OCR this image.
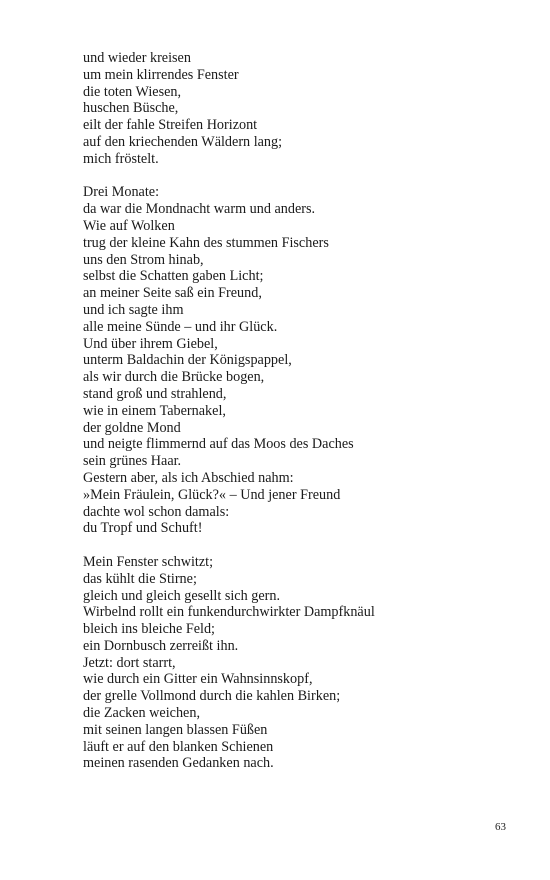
und wieder kreisen
um mein klirrendes Fenster
die toten Wiesen,
huschen Büsche,
eilt der fahle Streifen Horizont
auf den kriechenden Wäldern lang;
mich fröstelt.
Drei Monate:
da war die Mondnacht warm und anders.
Wie auf Wolken
trug der kleine Kahn des stummen Fischers
uns den Strom hinab,
selbst die Schatten gaben Licht;
an meiner Seite saß ein Freund,
und ich sagte ihm
alle meine Sünde – und ihr Glück.
Und über ihrem Giebel,
unterm Baldachin der Königspappel,
als wir durch die Brücke bogen,
stand groß und strahlend,
wie in einem Tabernakel,
der goldne Mond
und neigte flimmernd auf das Moos des Daches
sein grünes Haar.
Gestern aber, als ich Abschied nahm:
»Mein Fräulein, Glück?« – Und jener Freund
dachte wol schon damals:
du Tropf und Schuft!
Mein Fenster schwitzt;
das kühlt die Stirne;
gleich und gleich gesellt sich gern.
Wirbelnd rollt ein funkendurchwirkter Dampfknäul
bleich ins bleiche Feld;
ein Dornbusch zerreißt ihn.
Jetzt: dort starrt,
wie durch ein Gitter ein Wahnsinnskopf,
der grelle Vollmond durch die kahlen Birken;
die Zacken weichen,
mit seinen langen blassen Füßen
läuft er auf den blanken Schienen
meinen rasenden Gedanken nach.
63
